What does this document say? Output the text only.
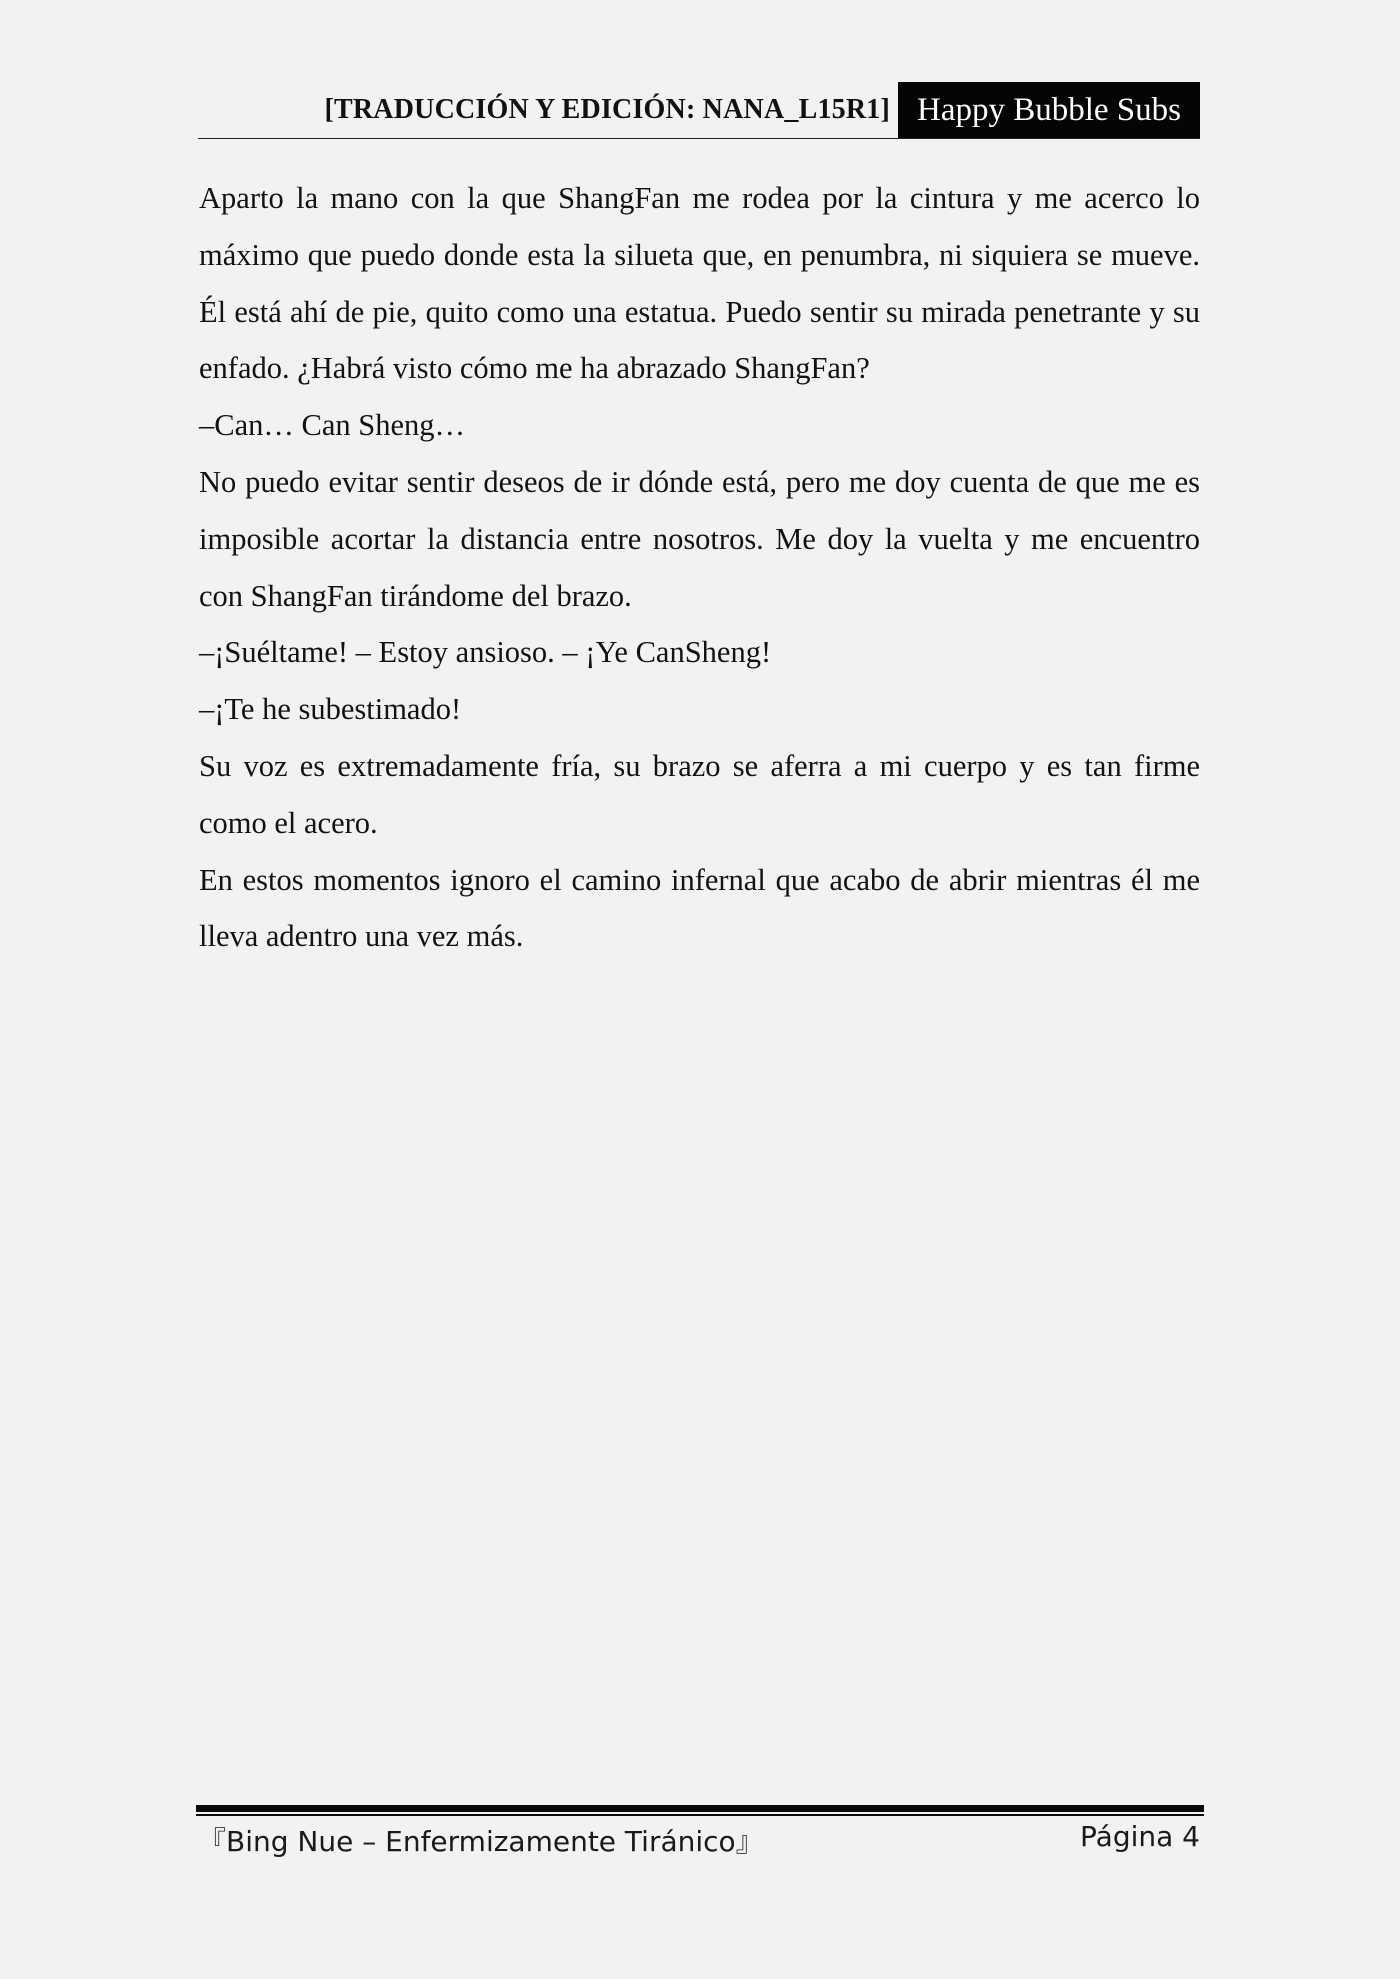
[TRADUCCIÓN Y EDICIÓN: NANA_L15R1] Happy Bubble Subs

Aparto la mano con la que ShangFan me rodea por la cintura y me acerco lo máximo que puedo donde esta la silueta que, en penumbra, ni siquiera se mueve. Él está ahí de pie, quito como una estatua. Puedo sentir su mirada penetrante y su enfado. ¿Habrá visto cómo me ha abrazado ShangFan?

–Can… Can Sheng…

No puedo evitar sentir deseos de ir dónde está, pero me doy cuenta de que me es imposible acortar la distancia entre nosotros. Me doy la vuelta y me encuentro con ShangFan tirándome del brazo.

–¡Suéltame! – Estoy ansioso. – ¡Ye CanSheng!

–¡Te he subestimado!

Su voz es extremadamente fría, su brazo se aferra a mi cuerpo y es tan firme como el acero.

En estos momentos ignoro el camino infernal que acabo de abrir mientras él me lleva adentro una vez más.

『Bing Nue – Enfermizamente Tiránico』	Página 4
